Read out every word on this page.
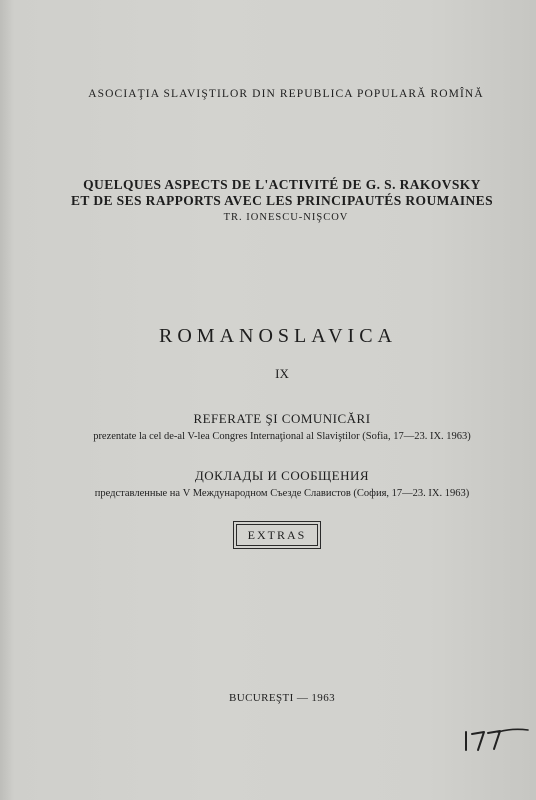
ASOCIAŢIA SLAVIŞTILOR DIN REPUBLICA POPULARĂ ROMÎNĂ
QUELQUES ASPECTS DE L'ACTIVITÉ DE G. S. RAKOVSKY
ET DE SES RAPPORTS AVEC LES PRINCIPAUTÉS ROUMAINES
TR. IONESCU-NIŞCOV
ROMANOSLAVICA
IX
REFERATE ŞI COMUNICĂRI
prezentate la cel de-al V-lea Congres Internaţional al Slaviştilor (Sofia, 17—23. IX. 1963)
ДОКЛАДЫ И СООБЩЕНИЯ
представленные на V Международном Съезде Славистов (София, 17—23. IX. 1963)
EXTRAS
BUCUREŞTI — 1963
